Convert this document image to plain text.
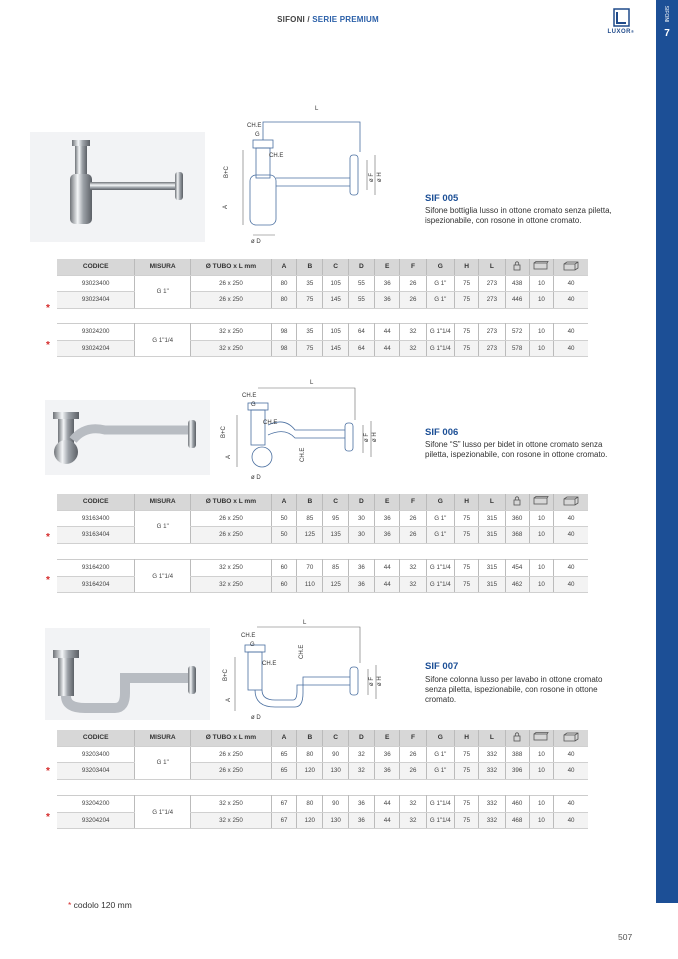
SIFONI / SERIE PREMIUM
LUXOR®
SIFONI
7
L
CH.E
G
CH.E
B+C
A
ø D
ø F ø H
SIF 005
Sifone bottiglia lusso in ottone cromato senza piletta, ispezionabile, con rosone in ottone cromato.
CODICE	MISURA	Ø TUBO x L mm	A	B	C	D	E	F	G	H	L			
93023400	G 1"	26 x 250	80	35	105	55	36	26	G 1"	75	273	438	10	40
93023404		26 x 250	80	75	145	55	36	26	G 1"	75	273	446	10	40
*
93024200	G 1"1/4	32 x 250	98	35	105	64	44	32	G 1"1/4	75	273	572	10	40
93024204		32 x 250	98	75	145	64	44	32	G 1"1/4	75	273	578	10	40
*
L
CH.E
G
CH.E
B+C
A	CH.E
ø D
ø F ø H	SIF 006
Sifone “S” lusso per bidet in ottone cromato senza piletta, ispezionabile, con rosone in ottone cromato.
CODICE	MISURA	Ø TUBO x L mm	A	B	C	D	E	F	G	H	L			
93163400	G 1"	26 x 250	50	85	95	30	36	26	G 1"	75	315	360	10	40
93163404		26 x 250	50	125	135	30	36	26	G 1"	75	315	368	10	40
*
93164200	G 1"1/4	32 x 250	60	70	85	36	44	32	G 1"1/4	75	315	454	10	40
93164204		32 x 250	60	110	125	36	44	32	G 1"1/4	75	315	462	10	40
*
L
CH.E
G
CH.E
CH.E
B+C
A
ø D
ø F ø H
SIF 007
Sifone colonna lusso per lavabo in ottone cromato senza piletta, ispezionabile, con rosone in ottone cromato.
CODICE	MISURA	Ø TUBO x L mm	A	B	C	D	E	F	G	H	L			
93203400	G 1"	26 x 250	65	80	90	32	36	26	G 1"	75	332	388	10	40
93203404		26 x 250	65	120	130	32	36	26	G 1"	75	332	396	10	40
*
93204200	G 1"1/4	32 x 250	67	80	90	36	44	32	G 1"1/4	75	332	460	10	40
93204204		32 x 250	67	120	130	36	44	32	G 1"1/4	75	332	468	10	40
*
* codolo 120 mm
507
